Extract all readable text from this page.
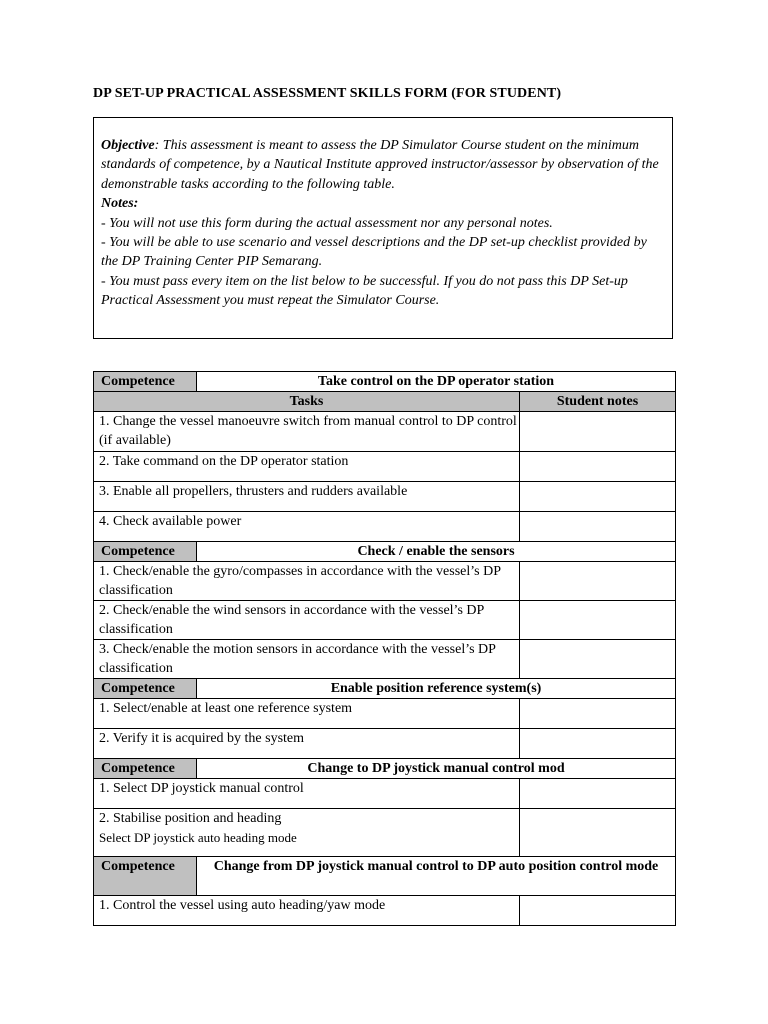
DP SET-UP PRACTICAL ASSESSMENT SKILLS FORM (FOR STUDENT)

Objective: This assessment is meant to assess the DP Simulator Course student on the minimum standards of competence, by a Nautical Institute approved instructor/assessor by observation of the demonstrable tasks according to the following table.

Notes:

- You will not use this form during the actual assessment nor any personal notes.

- You will be able to use scenario and vessel descriptions and the DP set-up checklist provided by the DP Training Center PIP Semarang.

- You must pass every item on the list below to be successful. If you do not pass this DP Set-up Practical Assessment you must repeat the Simulator Course.

Competence	Take control on the DP operator station	
Tasks		Student notes
1. Change the vessel manoeuvre switch from manual control to DP control (if available)		
2. Take command on the DP operator station		
3. Enable all propellers, thrusters and rudders available		
4. Check available power		
Competence	Check / enable the sensors	
1. Check/enable the gyro/compasses in accordance with the vessel’s DP classification		
2. Check/enable the wind sensors in accordance with the vessel’s DP classification		
3. Check/enable the motion sensors in accordance with the vessel’s DP classification		
Competence	Enable position reference system(s)	
1. Select/enable at least one reference system		
2. Verify it is acquired by the system		
Competence	Change to DP joystick manual control mod	
1. Select DP joystick manual control		

2. Stabilise position and heading
Select DP joystick auto heading mode		

Competence	Change from DP joystick manual control to DP auto position control mode	
1. Control the vessel using auto heading/yaw mode		
